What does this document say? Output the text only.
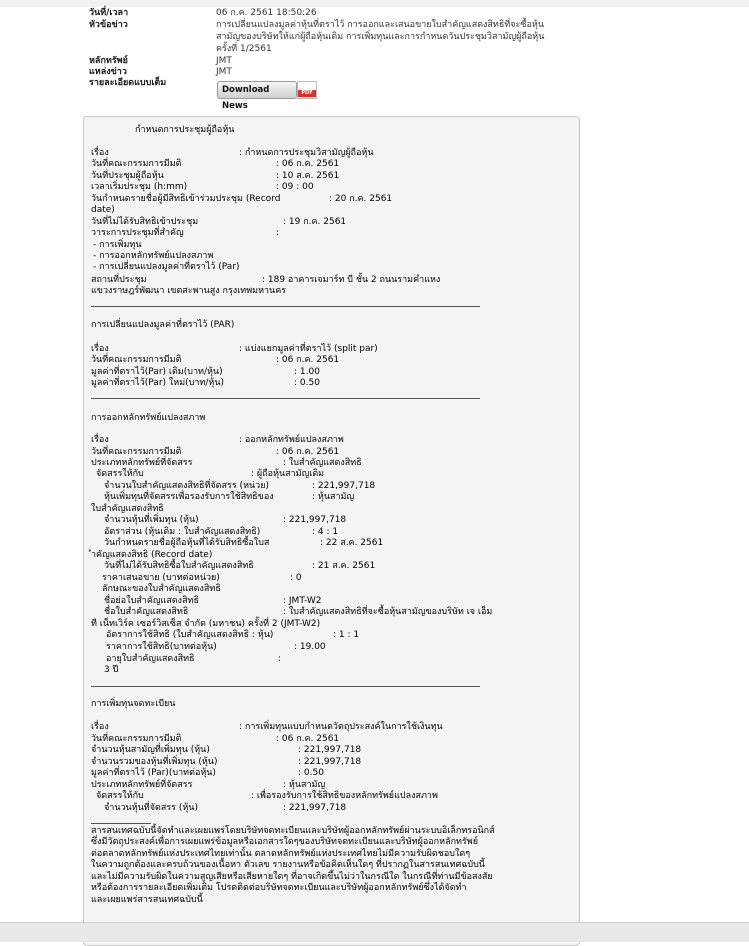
วันที่/เวลา	06 ก.ค. 2561 18:50:26
หัวข้อข่าว	การเปลี่ยนแปลงมูลค่าหุ้นที่ตราไว้ การออกและเสนอขายใบสำคัญแสดงสิทธิที่จะซื้อหุ้น
สามัญของบริษัทให้แก่ผู้ถือหุ้นเดิม การเพิ่มทุนและการกำหนดวันประชุมวิสามัญผู้ถือหุ้น
ครั้งที่ 1/2561
หลักทรัพย์	JMT
แหล่งข่าว	JMT
รายละเอียดแบบเต็ม
Download News
PDF
กำหนดการประชุมผู้ถือหุ้น
เรื่อง	: กำหนดการประชุมวิสามัญผู้ถือหุ้น
วันที่คณะกรรมการมีมติ	: 06 ก.ค. 2561
วันที่ประชุมผู้ถือหุ้น	: 10 ส.ค. 2561
เวลาเริ่มประชุม (h:mm)	: 09 : 00
วันกำหนดรายชื่อผู้มีสิทธิเข้าร่วมประชุม (Record	: 20 ก.ค. 2561
date)
วันที่ไม่ได้รับสิทธิเข้าประชุม	: 19 ก.ค. 2561
วาระการประชุมที่สำคัญ	:
- การเพิ่มทุน
- การออกหลักทรัพย์แปลงสภาพ
- การเปลี่ยนแปลงมูลค่าที่ตราไว้ (Par)
สถานที่ประชุม	: 189 อาคารเจมาร์ท บี ชั้น 2 ถนนรามคำแหง
แขวงราษฎร์พัฒนา เขตสะพานสูง กรุงเทพมหานคร
การเปลี่ยนแปลงมูลค่าที่ตราไว้ (PAR)
เรื่อง	: แบ่งแยกมูลค่าที่ตราไว้ (split par)
วันที่คณะกรรมการมีมติ	: 06 ก.ค. 2561
มูลค่าที่ตราไว้(Par) เดิม(บาท/หุ้น)	: 1.00
มูลค่าที่ตราไว้(Par) ใหม่(บาท/หุ้น)	: 0.50
การออกหลักทรัพย์แปลงสภาพ
เรื่อง	: ออกหลักทรัพย์แปลงสภาพ
วันที่คณะกรรมการมีมติ	: 06 ก.ค. 2561
ประเภทหลักทรัพย์ที่จัดสรร	: ใบสำคัญแสดงสิทธิ
จัดสรรให้กับ	: ผู้ถือหุ้นสามัญเดิม
จำนวนใบสำคัญแสดงสิทธิที่จัดสรร (หน่วย)	: 221,997,718
หุ้นเพิ่มทุนที่จัดสรรเพื่อรองรับการใช้สิทธิของ	: หุ้นสามัญ
ใบสำคัญแสดงสิทธิ
จำนวนหุ้นที่เพิ่มทุน (หุ้น)	: 221,997,718
อัตราส่วน (หุ้นเดิม : ใบสำคัญแสดงสิทธิ)	: 4 : 1
วันกำหนดรายชื่อผู้ถือหุ้นที่ได้รับสิทธิซื้อใบส	: 22 ส.ค. 2561
ำคัญแสดงสิทธิ (Record date)
วันที่ไม่ได้รับสิทธิซื้อใบสำคัญแสดงสิทธิ	: 21 ส.ค. 2561
ราคาเสนอขาย (บาทต่อหน่วย)	: 0
ลักษณะของใบสำคัญแสดงสิทธิ
ชื่อย่อใบสำคัญแสดงสิทธิ	: JMT-W2
ชื่อใบสำคัญแสดงสิทธิ	: ใบสำคัญแสดงสิทธิที่จะซื้อหุ้นสามัญของบริษัท เจ เอ็ม
ที เน็ทเวิร์ค เซอร์วิสเซ็ส จำกัด (มหาชน) ครั้งที่ 2 (JMT-W2)
อัตราการใช้สิทธิ (ใบสำคัญแสดงสิทธิ : หุ้น)	: 1 : 1
ราคาการใช้สิทธิ(บาทต่อหุ้น)	: 19.00
อายุใบสำคัญแสดงสิทธิ	:
3 ปี
การเพิ่มทุนจดทะเบียน
เรื่อง	: การเพิ่มทุนแบบกำหนดวัตถุประสงค์ในการใช้เงินทุน
วันที่คณะกรรมการมีมติ	: 06 ก.ค. 2561
จำนวนหุ้นสามัญที่เพิ่มทุน (หุ้น)	: 221,997,718
จำนวนรวมของหุ้นที่เพิ่มทุน (หุ้น)	: 221,997,718
มูลค่าที่ตราไว้ (Par)(บาทต่อหุ้น)	: 0.50
ประเภทหลักทรัพย์ที่จัดสรร	: หุ้นสามัญ
จัดสรรให้กับ	: เพื่อรองรับการใช้สิทธิของหลักทรัพย์แปลงสภาพ
จำนวนหุ้นที่จัดสรร (หุ้น)	: 221,997,718
สารสนเทศฉบับนี้จัดทำและเผยแพร่โดยบริษัทจดทะเบียนและบริษัทผู้ออกหลักทรัพย์ผ่านระบบอิเล็กทรอนิกส์
ซึ่งมีวัตถุประสงค์เพื่อการเผยแพร่ข้อมูลหรือเอกสารใดๆของบริษัทจดทะเบียนและบริษัทผู้ออกหลักทรัพย์
ต่อตลาดหลักทรัพย์แห่งประเทศไทยเท่านั้น ตลาดหลักทรัพย์แห่งประเทศไทยไม่มีความรับผิดชอบใดๆ
ในความถูกต้องและครบถ้วนของเนื้อหา ตัวเลข รายงานหรือข้อคิดเห็นใดๆ ที่ปรากฏในสารสนเทศฉบับนี้
และไม่มีความรับผิดในความสูญเสียหรือเสียหายใดๆ ที่อาจเกิดขึ้นไม่ว่าในกรณีใด ในกรณีที่ท่านมีข้อสงสัย
หรือต้องการรายละเอียดเพิ่มเติม โปรดติดต่อบริษัทจดทะเบียนและบริษัทผู้ออกหลักทรัพย์ซึ่งได้จัดทำ
และเผยแพร่สารสนเทศฉบับนี้
